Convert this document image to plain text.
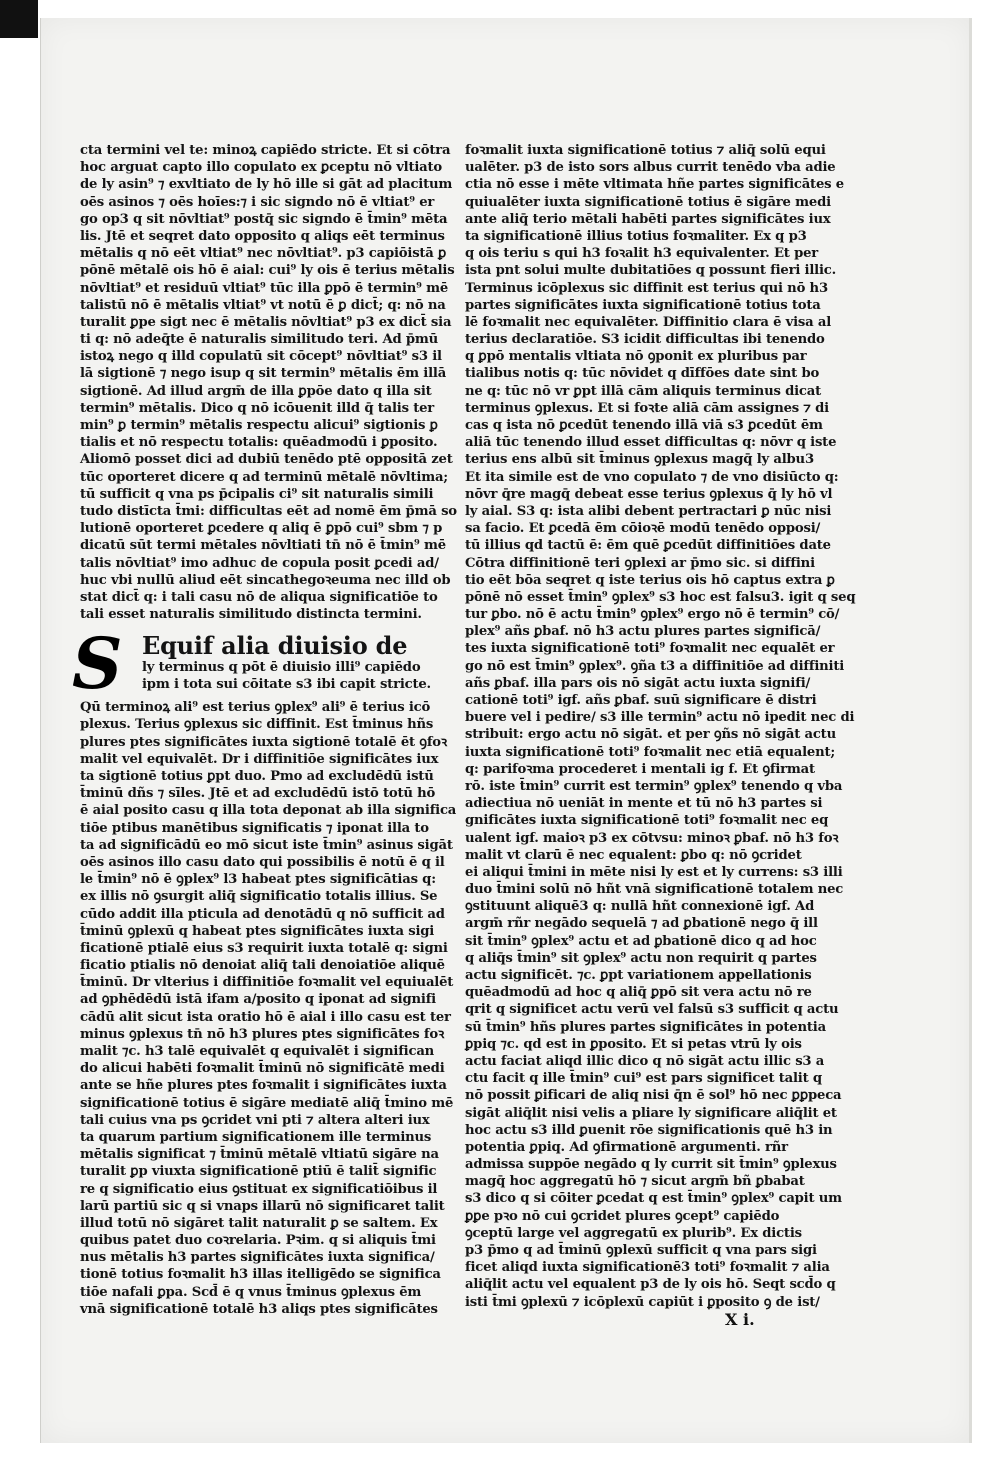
cta termini vel te: minoꝝ capiēdo stricte. Et si cōtra
hoc arguat capto illo copulato ex ꝑceptu nō vltiato
de ly asin⁹ ⁊ exvltiato de ly hō ille si gāt ad placitum
oēs asinos ⁊ oēs hoīes:⁊ i sic signdo nō ē vltiat⁹ er
go op3 q sit nōvltiat⁹ postq̄ sic signdo ē t̄min⁹ mēta
lis. Jtē et seqret dato opposito q aliqs eēt terminus
mētalis q nō eēt vltiat⁹ nec nōvltiat⁹. p3 capiōistā ꝑ
pōnē mētalē ois hō ē aial: cui⁹ ly ois ē terius mētalis
nōvltiat⁹ et residuū vltiat⁹ tūc illa ꝑpō ē termin⁹ mē
talistū nō ē mētalis vltiat⁹ vt notū ē ꝑ dict̄; q: nō na
turalit ꝑpe sigt nec ē mētalis nōvltiat⁹ p3 ex dict̄ sia
ti q: nō adeq̄te ē naturalis similitudo teri. Ad p̄mū
istoꝝ nego q illd copulatū sit cōcept⁹ nōvltiat⁹ s3 il
lā sigtionē ⁊ nego isup q sit termin⁹ mētalis ēm illā
sigtionē. Ad illud argm̄ de illa ꝑpōe dato q illa sit
termin⁹ mētalis. Dico q nō icōuenit illd q̄ talis ter
min⁹ ꝑ termin⁹ mētalis respectu alicui⁹ sigtionis ꝑ
tialis et nō respectu totalis: quēadmodū i ꝑposito.
Aliomō posset dici ad dubiū tenēdo ptē oppositā zet
tūc oporteret dicere q ad terminū mētalē nōvltima;
tū sufficit q vna ps p̄cipalis ci⁹ sit naturalis simili
tudo distīcta t̄mi: difficultas eēt ad nomē ēm p̄mā so
lutionē oporteret ꝑcedere q aliq ē ꝑpō cui⁹ sbm ⁊ p
dicatū sūt termi mētales nōvltiati tn̄ nō ē t̄min⁹ mē
talis nōvltiat⁹ imo adhuc de copula posit ꝑcedi ad/
huc vbi nullū aliud eēt sincathegoꝛeuma nec illd ob
stat dict̄ q: i tali casu nō de aliqua significatiōe to
tali esset naturalis similitudo distincta termini.
S Equif alia diuisio de
ly terminus q pōt ē diuisio illi⁹ capiēdo
ipm i tota sui cōitate s3 ibi capit stricte.
Qū terminoꝝ ali⁹ est terius ꝯplex⁹ ali⁹ ē terius icō
plexus. Terius ꝯplexus sic diffinit. Est t̄minus hñs
plures ptes significātes iuxta sigtionē totalē ēt ꝯfoꝛ
malit vel equivalēt. Dr i diffinitiōe significātes iux
ta sigtionē totius ꝑpt duo. Pmo ad excludēdū istū
t̄minū dñs ⁊ sīles. Jtē et ad excludēdū istō totū hō
ē aial posito casu q illa tota deponat ab illa significa
tiōe ptibus manētibus significatis ⁊ iponat illa to
ta ad significādū eo mō sicut iste t̄min⁹ asinus sigāt
oēs asinos illo casu dato qui possibilis ē notū ē q il
le t̄min⁹ nō ē ꝯplex⁹ l3 habeat ptes significātias q:
ex illis nō ꝯsurgit aliq̄ significatio totalis illius. Se
cūdo addit illa pticula ad denotādū q nō sufficit ad
t̄minū ꝯplexū q habeat ptes significātes iuxta sigi
ficationē ptialē eius s3 requirit iuxta totalē q: signi
ficatio ptialis nō denoiat aliq̄ tali denoiatiōe aliquē
t̄minū. Dr vlterius i diffinitiōe foꝛmalit vel equiualēt
ad ꝯphēdēdū istā ifam a/posito q iponat ad signifi
cādū alit sicut ista oratio hō ē aial i illo casu est ter
minus ꝯplexus tn̄ nō h3 plures ptes significātes foꝛ
malit ⁊c. h3 talē equivalēt q equivalēt i significan
do alicui habēti foꝛmalit t̄minū nō significātē medi
ante se hñe plures ptes foꝛmalit i significātes iuxta
significationē totius ē sigāre mediatē aliq̄ t̄mino mē
tali cuius vna ps ꝯcridet vni pti ⁊ altera alteri iux
ta quarum partium significationem ille terminus
mētalis significat ⁊ t̄minū mētalē vltiatū sigāre na
turalit ꝑp viuxta significationē ptiū ē talit̄ signific
re q significatio eius ꝯstituat ex significatiōibus il
larū partiū sic q si vnaps illarū nō significaret talit
illud totū nō sigāret talit naturalit ꝑ se saltem. Ex
quibus patet duo coꝛrelaria. Pꝛim. q si aliquis t̄mi
nus mētalis h3 partes significātes iuxta significa/
tionē totius foꝛmalit h3 illas itelligēdo se significa
tiōe nafali ꝑpa. Scd̄ ē q vnus t̄minus ꝯplexus ēm
vnā significationē totalē h3 aliqs ptes significātes
foꝛmalit iuxta significationē totius ⁊ aliq̄ solū equi
ualēter. p3 de isto sors albus currit tenēdo vba adie
ctia nō esse i mēte vltimata hñe partes significātes e
quiualēter iuxta significationē totius ē sigāre medi
ante aliq̄ terio mētali habēti partes significātes iux
ta significationē illius totius foꝛmaliter. Ex q p3
q ois teriu s qui h3 foꝛalit h3 equivalenter. Et per
ista pnt solui multe dubitatiōes q possunt fieri illic.
Terminus icōplexus sic diffinit est terius qui nō h3
partes significātes iuxta significationē totius tota
lē foꝛmalit nec equivalēter. Diffinitio clara ē visa al
terius declaratiōe. S3 icidit difficultas ibi tenendo
q ꝑpō mentalis vltiata nō ꝯponit ex pluribus par
tialibus notis q: tūc nōvidet q dīffōes date sint bo
ne q: tūc nō vr ꝑpt illā cām aliquis terminus dicat
terminus ꝯplexus. Et si foꝛte aliā cām assignes ⁊ di
cas q ista nō ꝑcedūt tenendo illā viā s3 ꝑcedūt ēm
aliā tūc tenendo illud esset difficultas q: nōvr q iste
terius ens albū sit t̄minus ꝯplexus magq̄ ly albu3
Et ita simile est de vno copulato ⁊ de vno disiūcto q:
nōvr q̄re magq̄ debeat esse terius ꝯplexus q̄ ly hō vl
ly aial. S3 q: ista alibi debent pertractari ꝑ nūc nisi
sa facio. Et ꝑcedā ēm cōioꝛē modū tenēdo opposi/
tū illius qd tactū ē: ēm quē ꝑcedūt diffinitiōes date
Cōtra diffinitionē teri ꝯplexi ar p̄mo sic. si diffini
tio eēt bōa seqret q iste terius ois hō captus extra ꝑ
pōnē nō esset t̄min⁹ ꝯplex⁹ s3 hoc est falsu3. igit q seq
tur ꝑbo. nō ē actu t̄min⁹ ꝯplex⁹ ergo nō ē termin⁹ cō/
plex⁹ añs ꝑbaf. nō h3 actu plures partes significā/
tes iuxta significationē toti⁹ foꝛmalit nec equalēt er
go nō est t̄min⁹ ꝯplex⁹. ꝯña t3 a diffinitiōe ad diffiniti
añs ꝑbaf. illa pars ois nō sigāt actu iuxta signifi/
cationē toti⁹ igf. añs ꝑbaf. suū significare ē distri
buere vel i pedire/ s3 ille termin⁹ actu nō ipedit nec di
stribuit: ergo actu nō sigāt. et per ꝯñs nō sigāt actu
iuxta significationē toti⁹ foꝛmalit nec etiā equalent;
q: parifoꝛma procederet i mentali ig f. Et ꝯfirmat
rō. iste t̄min⁹ currit est termin⁹ ꝯplex⁹ tenendo q vba
adiectiua nō ueniāt in mente et tū nō h3 partes si
gnificātes iuxta significationē toti⁹ foꝛmalit nec eq
ualent igf. maioꝛ p3 ex cōtvsu: minoꝛ ꝑbaf. nō h3 foꝛ
malit vt clarū ē nec equalent: ꝑbo q: nō ꝯcridet
ei aliqui t̄mini in mēte nisi ly est et ly currens: s3 illi
duo t̄mini solū nō hñt vnā significationē totalem nec
ꝯstituunt aliquē3 q: nullā hñt connexionē igf. Ad
argm̄ rñr negādo sequelā ⁊ ad ꝑbationē nego q̄ ill
sit t̄min⁹ ꝯplex⁹ actu et ad ꝑbationē dico q ad hoc
q aliq̄s t̄min⁹ sit ꝯplex⁹ actu non requirit q partes
actu significēt. ⁊c. ꝑpt variationem appellationis
quēadmodū ad hoc q aliq̄ ꝑpō sit vera actu nō re
qrit q significet actu verū vel falsū s3 sufficit q actu
sū t̄min⁹ hñs plures partes significātes in potentia
ꝑpiq ⁊c. qd est in ꝑposito. Et si petas vtrū ly ois
actu faciat aliqd illic dico q nō sigāt actu illic s3 a
ctu facit q ille t̄min⁹ cui⁹ est pars significet talit q
nō possit ꝑificari de aliq nisi q̄n ē sol⁹ hō nec ꝑꝑpeca
sigāt aliq̄lit nisi velis a pliare ly significare aliq̄lit et
hoc actu s3 illd ꝑuenit rōe significationis quē h3 in
potentia ꝑpiq. Ad ꝯfirmationē argumenti. rñr
admissa suppōe negādo q ly currit sit t̄min⁹ ꝯplexus
magq̄ hoc aggregatū hō ⁊ sicut argm̄ bñ ꝑbabat
s3 dico q si cōiter ꝑcedat q est t̄min⁹ ꝯplex⁹ capit um
ꝑꝑe pꝛo nō cui ꝯcridet plures ꝯcept⁹ capiēdo
ꝯceptū large vel aggregatū ex plurib⁹. Ex dictis
p3 p̄mo q ad t̄minū ꝯplexū sufficit q vna pars sigi
ficet aliqd iuxta significationē3 toti⁹ foꝛmalit ⁊ alia
aliq̄lit actu vel equalent p3 de ly ois hō. Seqt scd̄o q
isti t̄mi ꝯplexū ⁊ icōplexū capiūt i ꝑposito ꝯ de ist/
X i.
